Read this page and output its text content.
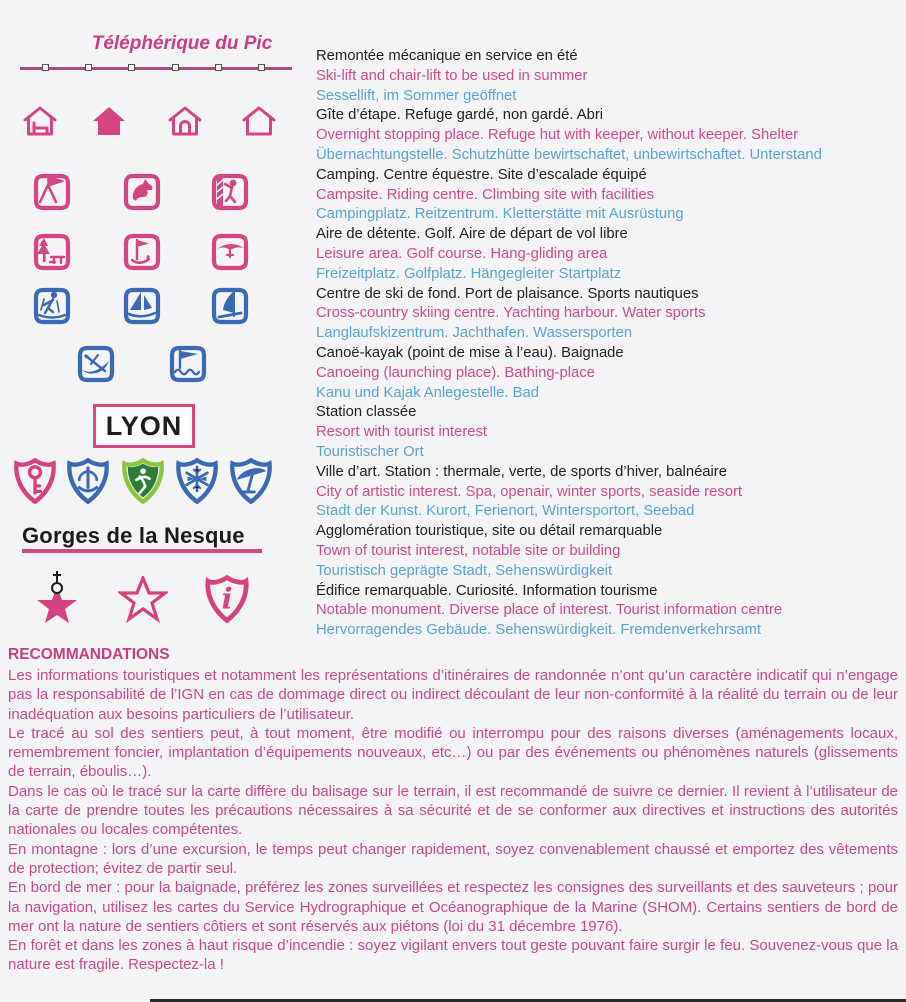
Téléphérique du Pic
LYON
Gorges de la Nesque
i
Remontée mécanique en service en été
Ski-lift and chair-lift to be used in summer
Sessellift, im Sommer geöffnet
Gîte d’étape. Refuge gardé, non gardé. Abri
Overnight stopping place. Refuge hut with keeper, without keeper. Shelter
Übernachtungstelle. Schutzhütte bewirtschaftet, unbewirtschaftet. Unterstand
Camping. Centre équestre. Site d’escalade équipé
Campsite. Riding centre. Climbing site with facilities
Campingplatz. Reitzentrum. Kletterstätte mit Ausrüstung
Aire de détente. Golf. Aire de départ de vol libre
Leisure area. Golf course. Hang-gliding area
Freizeitplatz. Golfplatz. Hängegleiter Startplatz
Centre de ski de fond. Port de plaisance. Sports nautiques
Cross-country skiing centre. Yachting harbour. Water sports
Langlaufskizentrum. Jachthafen. Wassersporten
Canoë-kayak (point de mise à l’eau). Baignade
Canoeing (launching place). Bathing-place
Kanu und Kajak Anlegestelle. Bad
Station classée
Resort with tourist interest
Touristischer Ort
Ville d’art. Station : thermale, verte, de sports d’hiver, balnéaire
City of artistic interest. Spa, openair, winter sports, seaside resort
Stadt der Kunst. Kurort, Ferienort, Wintersportort, Seebad
Agglomération touristique, site ou détail remarquable
Town of tourist interest, notable site or building
Touristisch geprägte Stadt, Sehenswürdigkeit
Édifice remarquable. Curiosité. Information tourisme
Notable monument. Diverse place of interest. Tourist information centre
Hervorragendes Gebäude. Sehenswürdigkeit. Fremdenverkehrsamt
RECOMMANDATIONS

Les informations touristiques et notamment les représentations d’itinéraires de randonnée n’ont qu’un caractère indicatif qui n’engage pas la responsabilité de l’IGN en cas de dommage direct ou indirect découlant de leur non-conformité à la réalité du terrain ou de leur inadéquation aux besoins particuliers de l’utilisateur.

Le tracé au sol des sentiers peut, à tout moment, être modifié ou interrompu pour des raisons diverses (aménagements locaux, remembrement foncier, implantation d’équipements nouveaux, etc…) ou par des événements ou phénomènes naturels (glissements de terrain, éboulis…).

Dans le cas où le tracé sur la carte diffère du balisage sur le terrain, il est recommandé de suivre ce dernier. Il revient à l’utilisateur de la carte de prendre toutes les précautions nécessaires à sa sécurité et de se conformer aux directives et instructions des autorités nationales ou locales compétentes.

En montagne : lors d’une excursion, le temps peut changer rapidement, soyez convenablement chaussé et emportez des vêtements de protection; évitez de partir seul.

En bord de mer : pour la baignade, préférez les zones surveillées et respectez les consignes des surveillants et des sauveteurs ; pour la navigation, utilisez les cartes du Service Hydrographique et Océanographique de la Marine (SHOM). Certains sentiers de bord de mer ont la nature de sentiers côtiers et sont réservés aux piétons (loi du 31 décembre 1976).

En forêt et dans les zones à haut risque d’incendie : soyez vigilant envers tout geste pouvant faire surgir le feu. Souvenez-vous que la nature est fragile. Respectez-la !
